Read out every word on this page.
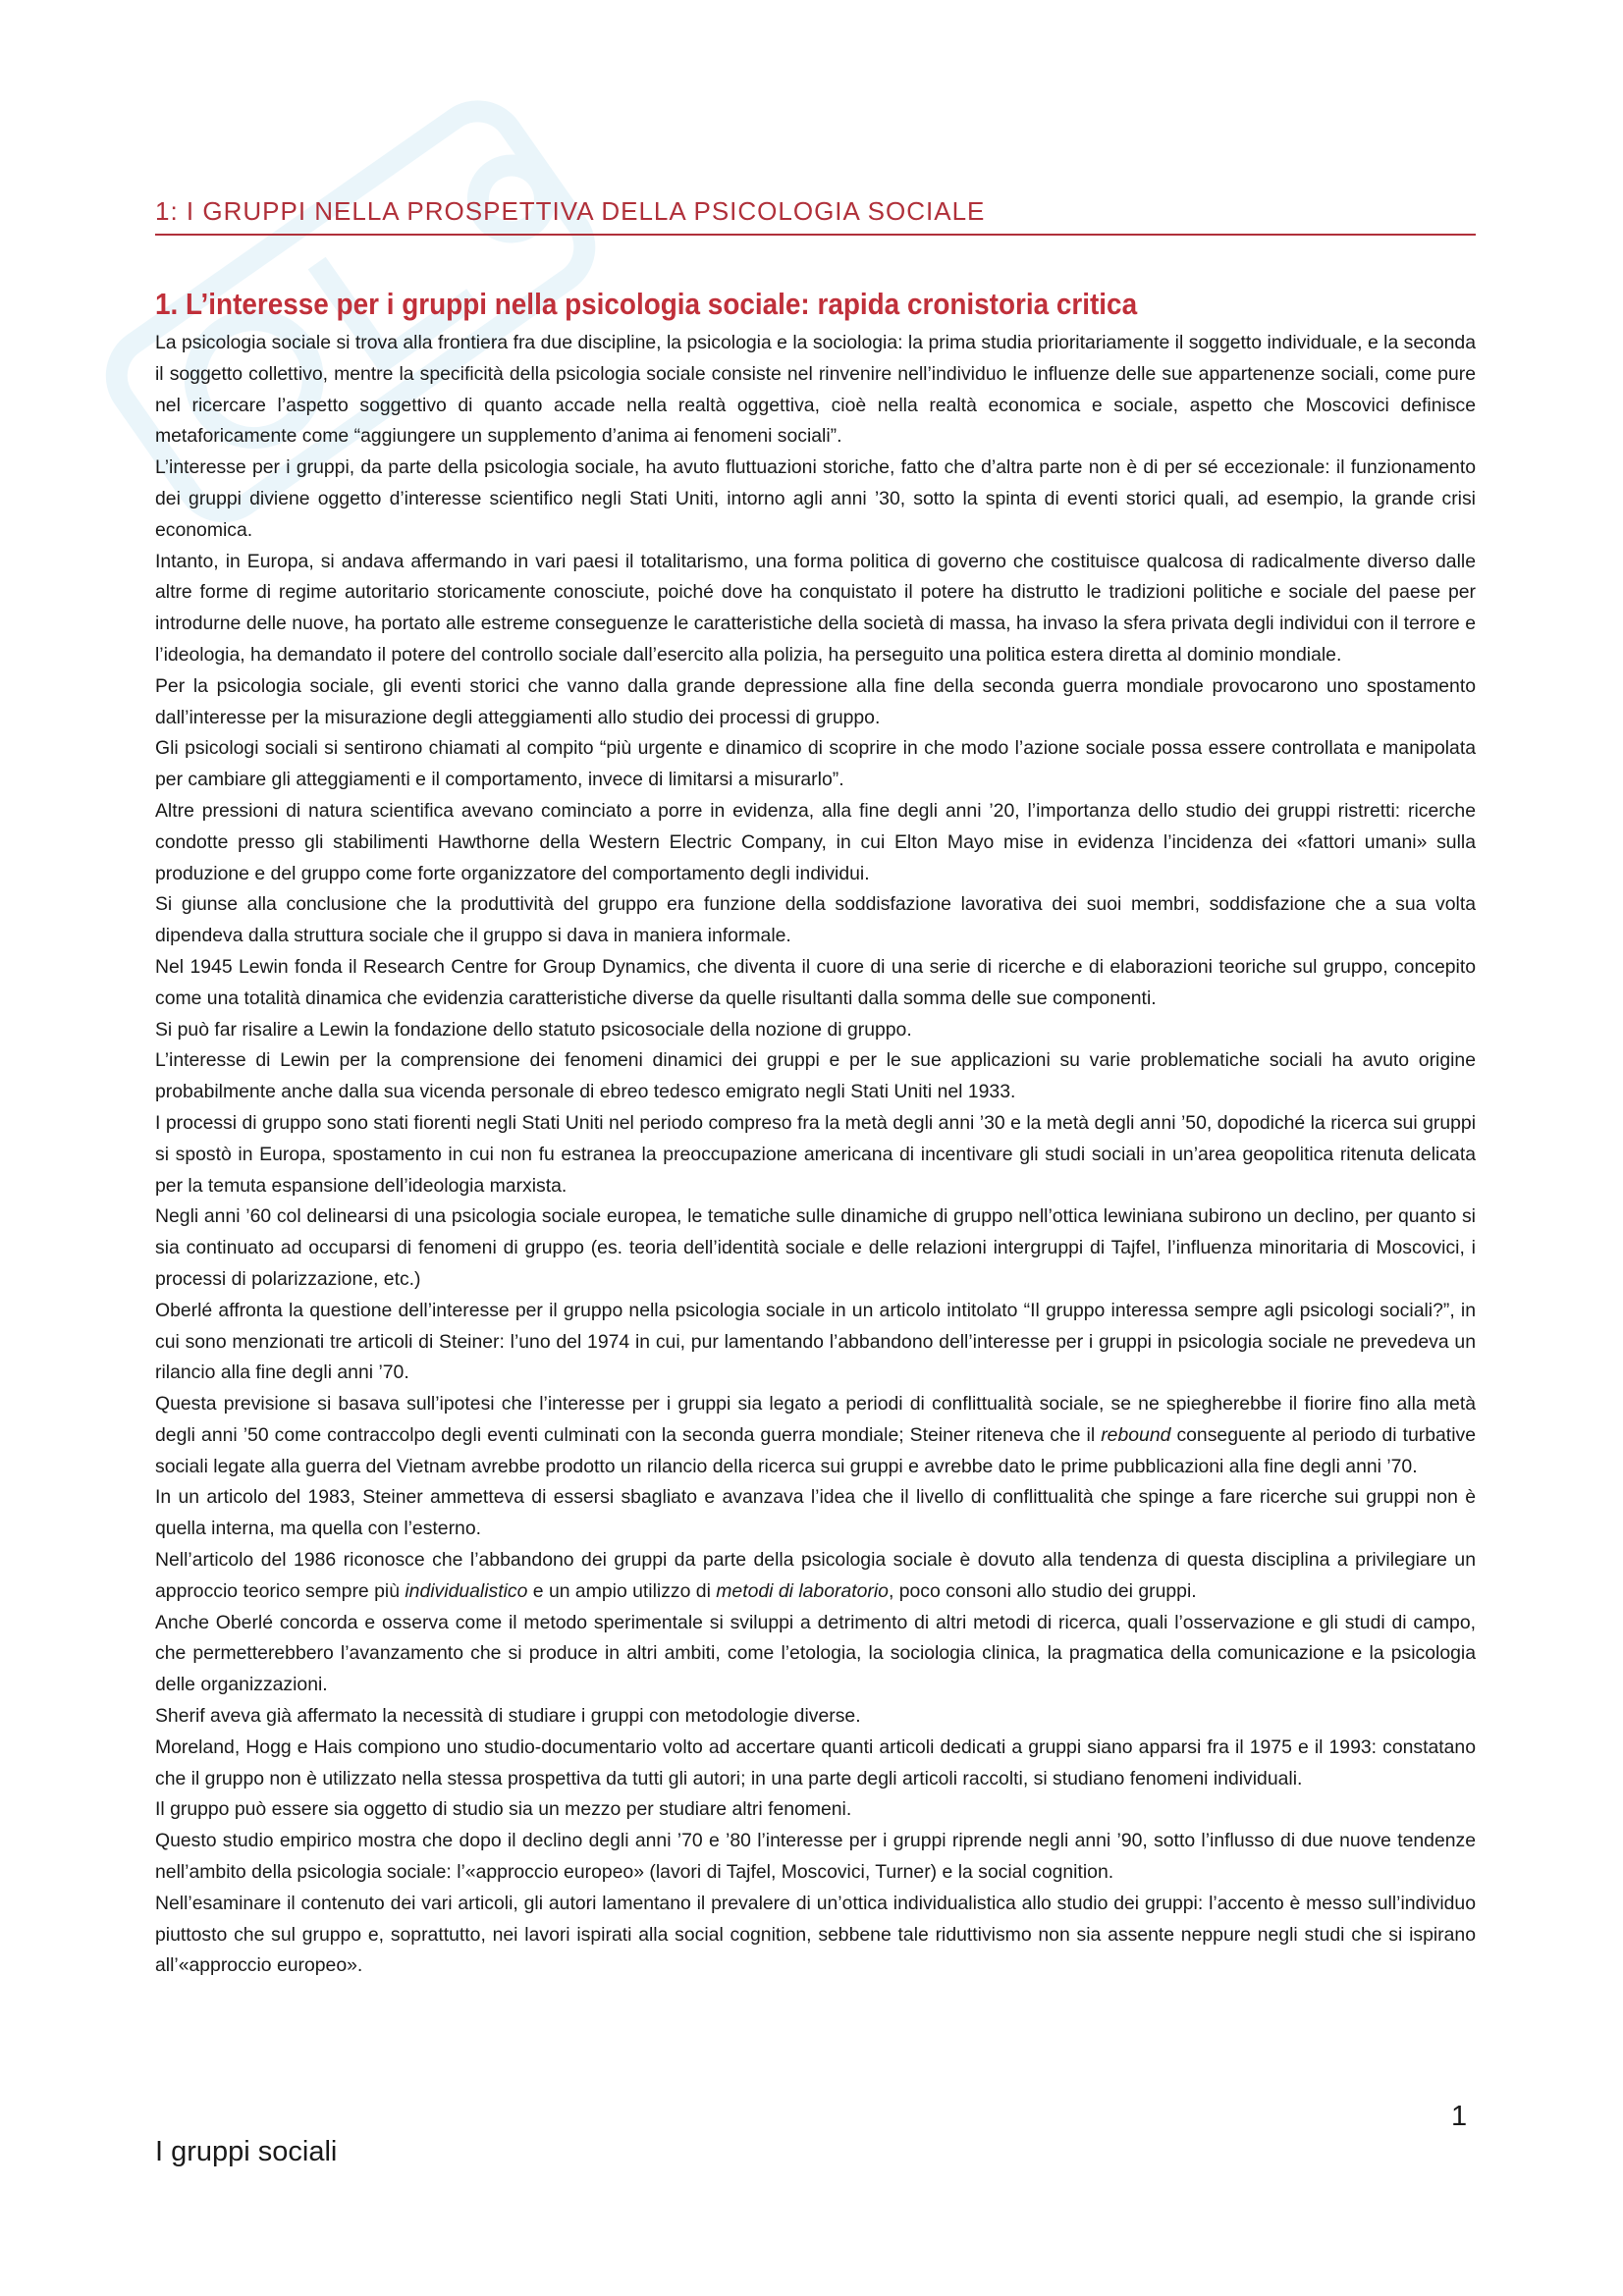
1: I GRUPPI NELLA PROSPETTIVA DELLA PSICOLOGIA SOCIALE
1. L’interesse per i gruppi nella psicologia sociale: rapida cronistoria critica

La psicologia sociale si trova alla frontiera fra due discipline, la psicologia e la sociologia: la prima studia prioritariamente il soggetto individuale, e la seconda il soggetto collettivo, mentre la specificità della psicologia sociale consiste nel rinvenire nell’individuo le influenze delle sue appartenenze sociali, come pure nel ricercare l’aspetto soggettivo di quanto accade nella realtà oggettiva, cioè nella realtà economica e sociale, aspetto che Moscovici definisce metaforicamente come “aggiungere un supplemento d’anima ai fenomeni sociali”.

L’interesse per i gruppi, da parte della psicologia sociale, ha avuto fluttuazioni storiche, fatto che d’altra parte non è di per sé eccezionale: il funzionamento dei gruppi diviene oggetto d’interesse scientifico negli Stati Uniti, intorno agli anni ’30, sotto la spinta di eventi storici quali, ad esempio, la grande crisi economica.

Intanto, in Europa, si andava affermando in vari paesi il totalitarismo, una forma politica di governo che costituisce qualcosa di radicalmente diverso dalle altre forme di regime autoritario storicamente conosciute, poiché dove ha conquistato il potere ha distrutto le tradizioni politiche e sociale del paese per introdurne delle nuove, ha portato alle estreme conseguenze le caratteristiche della società di massa, ha invaso la sfera privata degli individui con il terrore e l’ideologia, ha demandato il potere del controllo sociale dall’esercito alla polizia, ha perseguito una politica estera diretta al dominio mondiale.

Per la psicologia sociale, gli eventi storici che vanno dalla grande depressione alla fine della seconda guerra mondiale provocarono uno spostamento dall’interesse per la misurazione degli atteggiamenti allo studio dei processi di gruppo.

Gli psicologi sociali si sentirono chiamati al compito “più urgente e dinamico di scoprire in che modo l’azione sociale possa essere controllata e manipolata per cambiare gli atteggiamenti e il comportamento, invece di limitarsi a misurarlo”.

Altre pressioni di natura scientifica avevano cominciato a porre in evidenza, alla fine degli anni ’20, l’importanza dello studio dei gruppi ristretti: ricerche condotte presso gli stabilimenti Hawthorne della Western Electric Company, in cui Elton Mayo mise in evidenza l’incidenza dei «fattori umani» sulla produzione e del gruppo come forte organizzatore del comportamento degli individui.

Si giunse alla conclusione che la produttività del gruppo era funzione della soddisfazione lavorativa dei suoi membri, soddisfazione che a sua volta dipendeva dalla struttura sociale che il gruppo si dava in maniera informale.

Nel 1945 Lewin fonda il Research Centre for Group Dynamics, che diventa il cuore di una serie di ricerche e di elaborazioni teoriche sul gruppo, concepito come una totalità dinamica che evidenzia caratteristiche diverse da quelle risultanti dalla somma delle sue componenti.

Si può far risalire a Lewin la fondazione dello statuto psicosociale della nozione di gruppo.

L’interesse di Lewin per la comprensione dei fenomeni dinamici dei gruppi e per le sue applicazioni su varie problematiche sociali ha avuto origine probabilmente anche dalla sua vicenda personale di ebreo tedesco emigrato negli Stati Uniti nel 1933.

I processi di gruppo sono stati fiorenti negli Stati Uniti nel periodo compreso fra la metà degli anni ’30 e la metà degli anni ’50, dopodiché la ricerca sui gruppi si spostò in Europa, spostamento in cui non fu estranea la preoccupazione americana di incentivare gli studi sociali in un’area geopolitica ritenuta delicata per la temuta espansione dell’ideologia marxista.

Negli anni ’60 col delinearsi di una psicologia sociale europea, le tematiche sulle dinamiche di gruppo nell’ottica lewiniana subirono un declino, per quanto si sia continuato ad occuparsi di fenomeni di gruppo (es. teoria dell’identità sociale e delle relazioni intergruppi di Tajfel, l’influenza minoritaria di Moscovici, i processi di polarizzazione, etc.)

Oberlé affronta la questione dell’interesse per il gruppo nella psicologia sociale in un articolo intitolato “Il gruppo interessa sempre agli psicologi sociali?”, in cui sono menzionati tre articoli di Steiner: l’uno del 1974 in cui, pur lamentando l’abbandono dell’interesse per i gruppi in psicologia sociale ne prevedeva un rilancio alla fine degli anni ’70.

Questa previsione si basava sull’ipotesi che l’interesse per i gruppi sia legato a periodi di conflittualità sociale, se ne spiegherebbe il fiorire fino alla metà degli anni ’50 come contraccolpo degli eventi culminati con la seconda guerra mondiale; Steiner riteneva che il rebound conseguente al periodo di turbative sociali legate alla guerra del Vietnam avrebbe prodotto un rilancio della ricerca sui gruppi e avrebbe dato le prime pubblicazioni alla fine degli anni ’70.

In un articolo del 1983, Steiner ammetteva di essersi sbagliato e avanzava l’idea che il livello di conflittualità che spinge a fare ricerche sui gruppi non è quella interna, ma quella con l’esterno.

Nell’articolo del 1986 riconosce che l’abbandono dei gruppi da parte della psicologia sociale è dovuto alla tendenza di questa disciplina a privilegiare un approccio teorico sempre più individualistico e un ampio utilizzo di metodi di laboratorio, poco consoni allo studio dei gruppi.

Anche Oberlé concorda e osserva come il metodo sperimentale si sviluppi a detrimento di altri metodi di ricerca, quali l’osservazione e gli studi di campo, che permetterebbero l’avanzamento che si produce in altri ambiti, come l’etologia, la sociologia clinica, la pragmatica della comunicazione e la psicologia delle organizzazioni.

Sherif aveva già affermato la necessità di studiare i gruppi con metodologie diverse.

Moreland, Hogg e Hais compiono uno studio-documentario volto ad accertare quanti articoli dedicati a gruppi siano apparsi fra il 1975 e il 1993: constatano che il gruppo non è utilizzato nella stessa prospettiva da tutti gli autori; in una parte degli articoli raccolti, si studiano fenomeni individuali.

Il gruppo può essere sia oggetto di studio sia un mezzo per studiare altri fenomeni.

Questo studio empirico mostra che dopo il declino degli anni ’70 e ’80 l’interesse per i gruppi riprende negli anni ’90, sotto l’influsso di due nuove tendenze nell’ambito della psicologia sociale: l’«approccio europeo» (lavori di Tajfel, Moscovici, Turner) e la social cognition.

Nell’esaminare il contenuto dei vari articoli, gli autori lamentano il prevalere di un’ottica individualistica allo studio dei gruppi: l’accento è messo sull’individuo piuttosto che sul gruppo e, soprattutto, nei lavori ispirati alla social cognition, sebbene tale riduttivismo non sia assente neppure negli studi che si ispirano all’«approccio europeo».

1
I gruppi sociali
